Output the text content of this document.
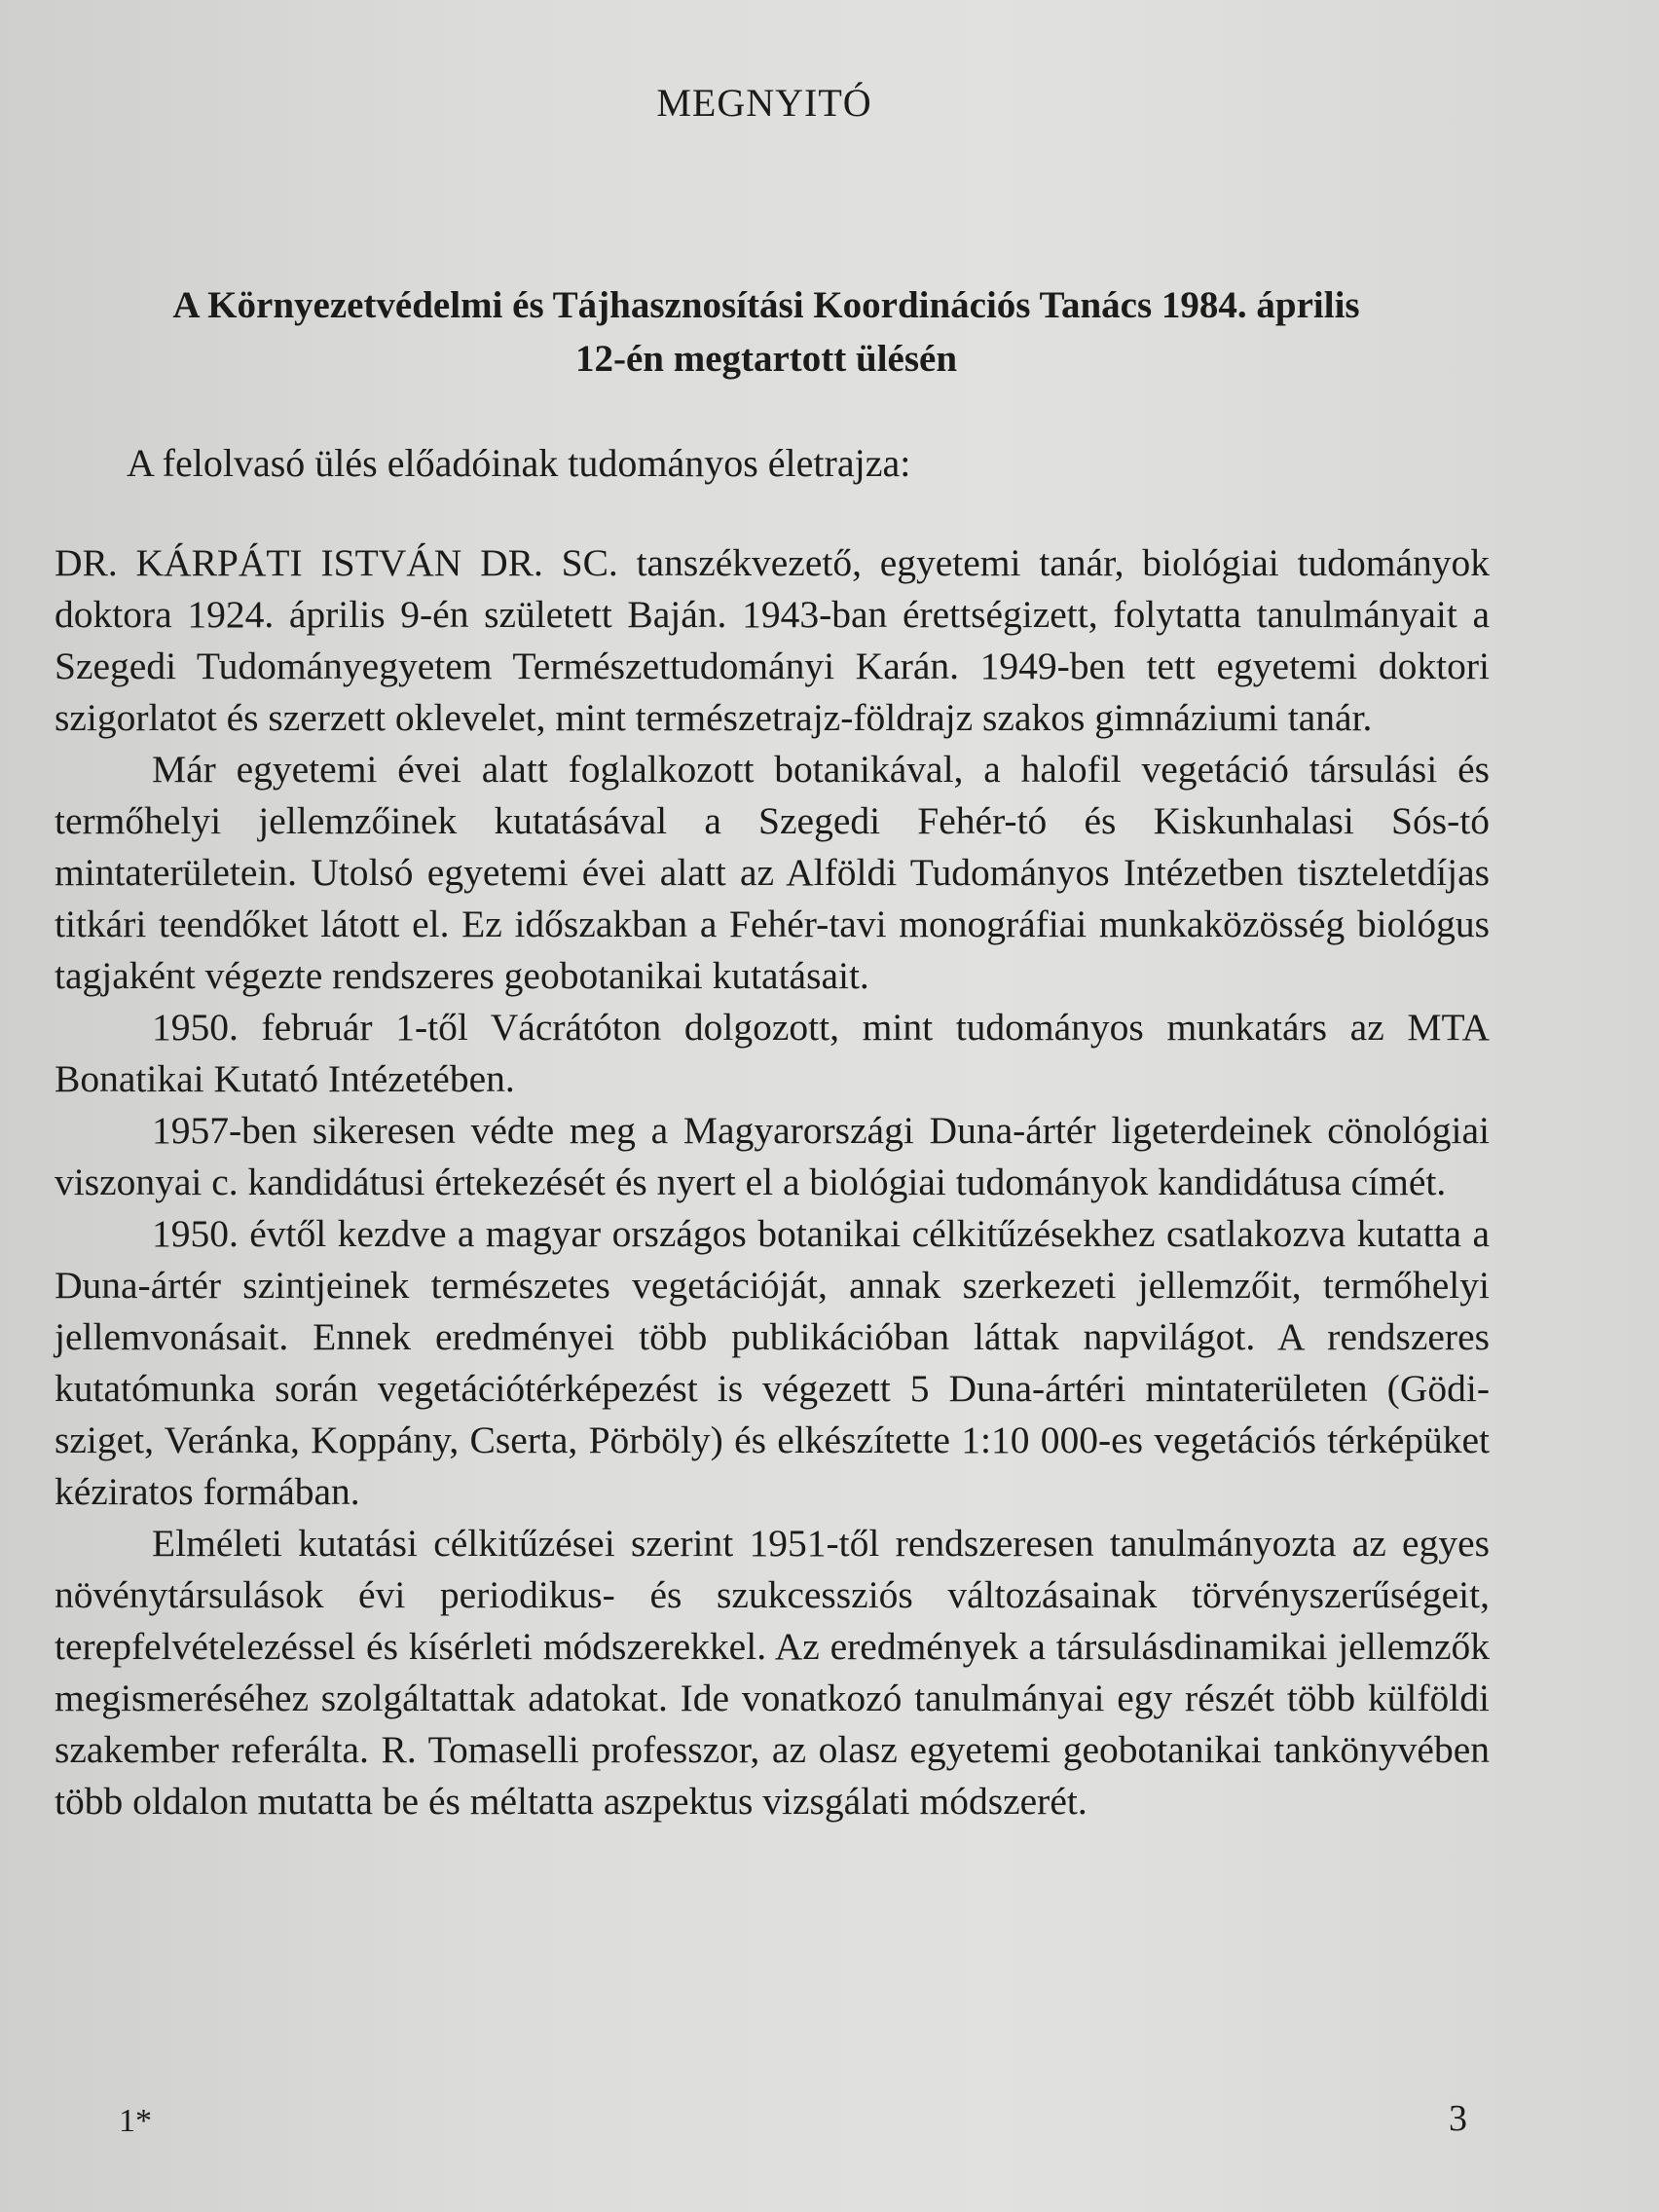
MEGNYITÓ
A Környezetvédelmi és Tájhasznosítási Koordinációs Tanács 1984. április
12-én megtartott ülésén
A felolvasó ülés előadóinak tudományos életrajza:

DR. KÁRPÁTI ISTVÁN DR. SC. tanszékvezető, egyetemi tanár, biológiai tudományok doktora 1924. április 9-én született Baján. 1943-ban érettségizett, folytatta tanulmányait a Szegedi Tudományegyetem Természettudományi Karán. 1949-ben tett egyetemi doktori szigorlatot és szerzett oklevelet, mint természetrajz-földrajz szakos gimnáziumi tanár.

Már egyetemi évei alatt foglalkozott botanikával, a halofil vegetáció társulási és termőhelyi jellemzőinek kutatásával a Szegedi Fehér-tó és Kiskunhalasi Sós-tó mintaterületein. Utolsó egyetemi évei alatt az Alföldi Tudományos Intézetben tiszteletdíjas titkári teendőket látott el. Ez időszakban a Fehér-tavi monográfiai munkaközösség biológus tagjaként végezte rendszeres geobotanikai kutatásait.

1950. február 1-től Vácrátóton dolgozott, mint tudományos munkatárs az MTA Bonatikai Kutató Intézetében.

1957-ben sikeresen védte meg a Magyarországi Duna-ártér ligeterdeinek cönológiai viszonyai c. kandidátusi értekezését és nyert el a biológiai tudományok kandidátusa címét.

1950. évtől kezdve a magyar országos botanikai célkitűzésekhez csatlakozva kutatta a Duna-ártér szintjeinek természetes vegetációját, annak szerkezeti jellemzőit, termőhelyi jellemvonásait. Ennek eredményei több publikációban láttak napvilágot. A rendszeres kutatómunka során vegetációtérképezést is végezett 5 Duna-ártéri mintaterületen (Gödi-sziget, Veránka, Koppány, Cserta, Pörböly) és elkészítette 1:10 000-es vegetációs térképüket kéziratos formában.

Elméleti kutatási célkitűzései szerint 1951-től rendszeresen tanulmányozta az egyes növénytársulások évi periodikus- és szukcessziós változásainak törvényszerűségeit, terepfelvételezéssel és kísérleti módszerekkel. Az eredmények a társulásdinamikai jellemzők megismeréséhez szolgáltattak adatokat. Ide vonatkozó tanulmányai egy részét több külföldi szakember referálta. R. Tomaselli professzor, az olasz egyetemi geobotanikai tankönyvében több oldalon mutatta be és méltatta aszpektus vizsgálati módszerét.

1*	3
